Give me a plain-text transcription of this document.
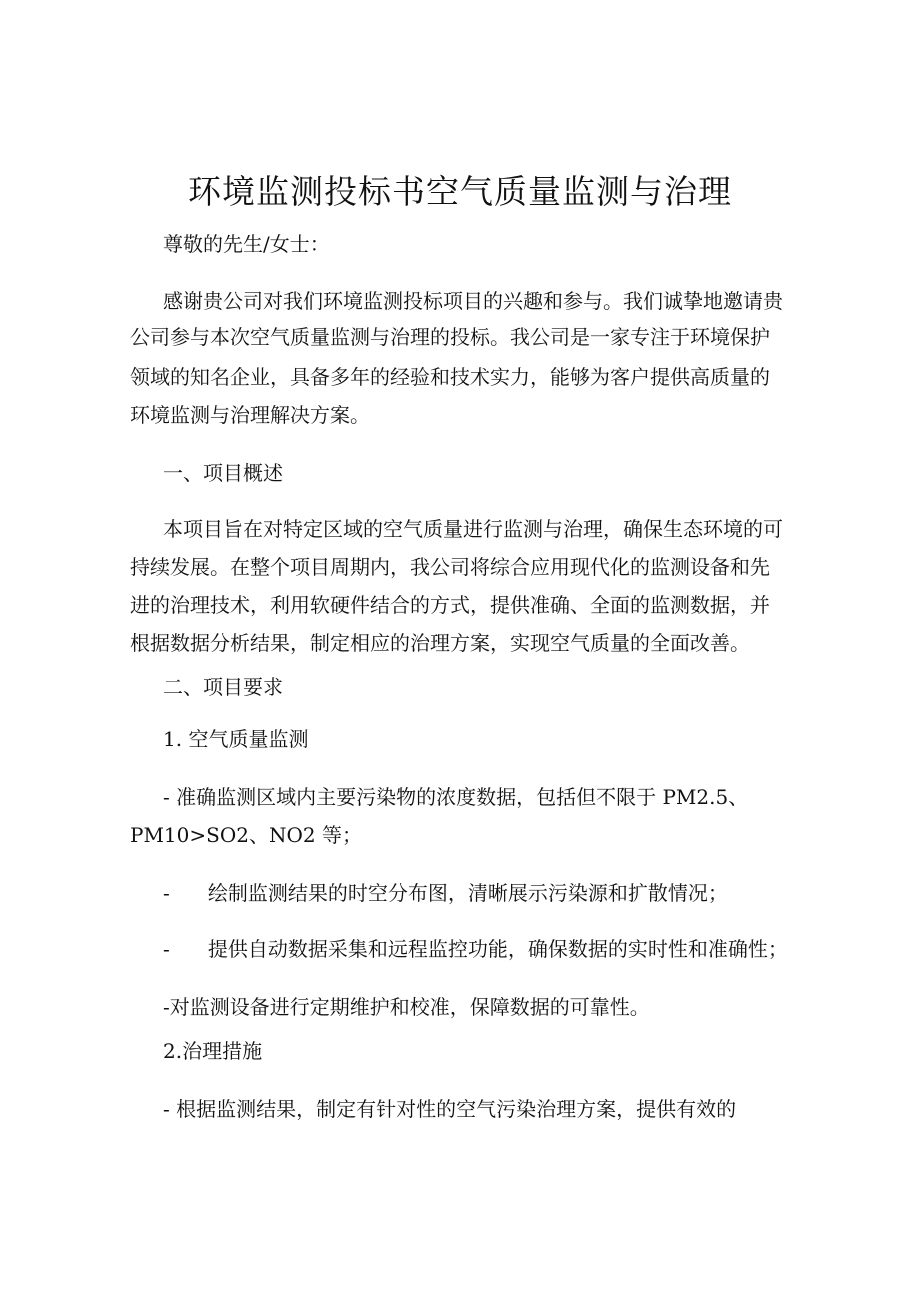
环境监测投标书空气质量监测与治理
尊敬的先生/女士：
感谢贵公司对我们环境监测投标项目的兴趣和参与。我们诚挚地邀请贵
公司参与本次空气质量监测与治理的投标。我公司是一家专注于环境保护
领域的知名企业，具备多年的经验和技术实力，能够为客户提供高质量的
环境监测与治理解决方案。
一、项目概述
本项目旨在对特定区域的空气质量进行监测与治理，确保生态环境的可
持续发展。在整个项目周期内，我公司将综合应用现代化的监测设备和先
进的治理技术，利用软硬件结合的方式，提供准确、全面的监测数据，并
根据数据分析结果，制定相应的治理方案，实现空气质量的全面改善。
二、项目要求
1. 空气质量监测
- 准确监测区域内主要污染物的浓度数据，包括但不限于 PM2.5、
PM10>SO2、NO2 等；
-      绘制监测结果的时空分布图，清晰展示污染源和扩散情况；
-      提供自动数据采集和远程监控功能，确保数据的实时性和准确性；
-对监测设备进行定期维护和校准，保障数据的可靠性。
2.治理措施
- 根据监测结果，制定有针对性的空气污染治理方案，提供有效的
